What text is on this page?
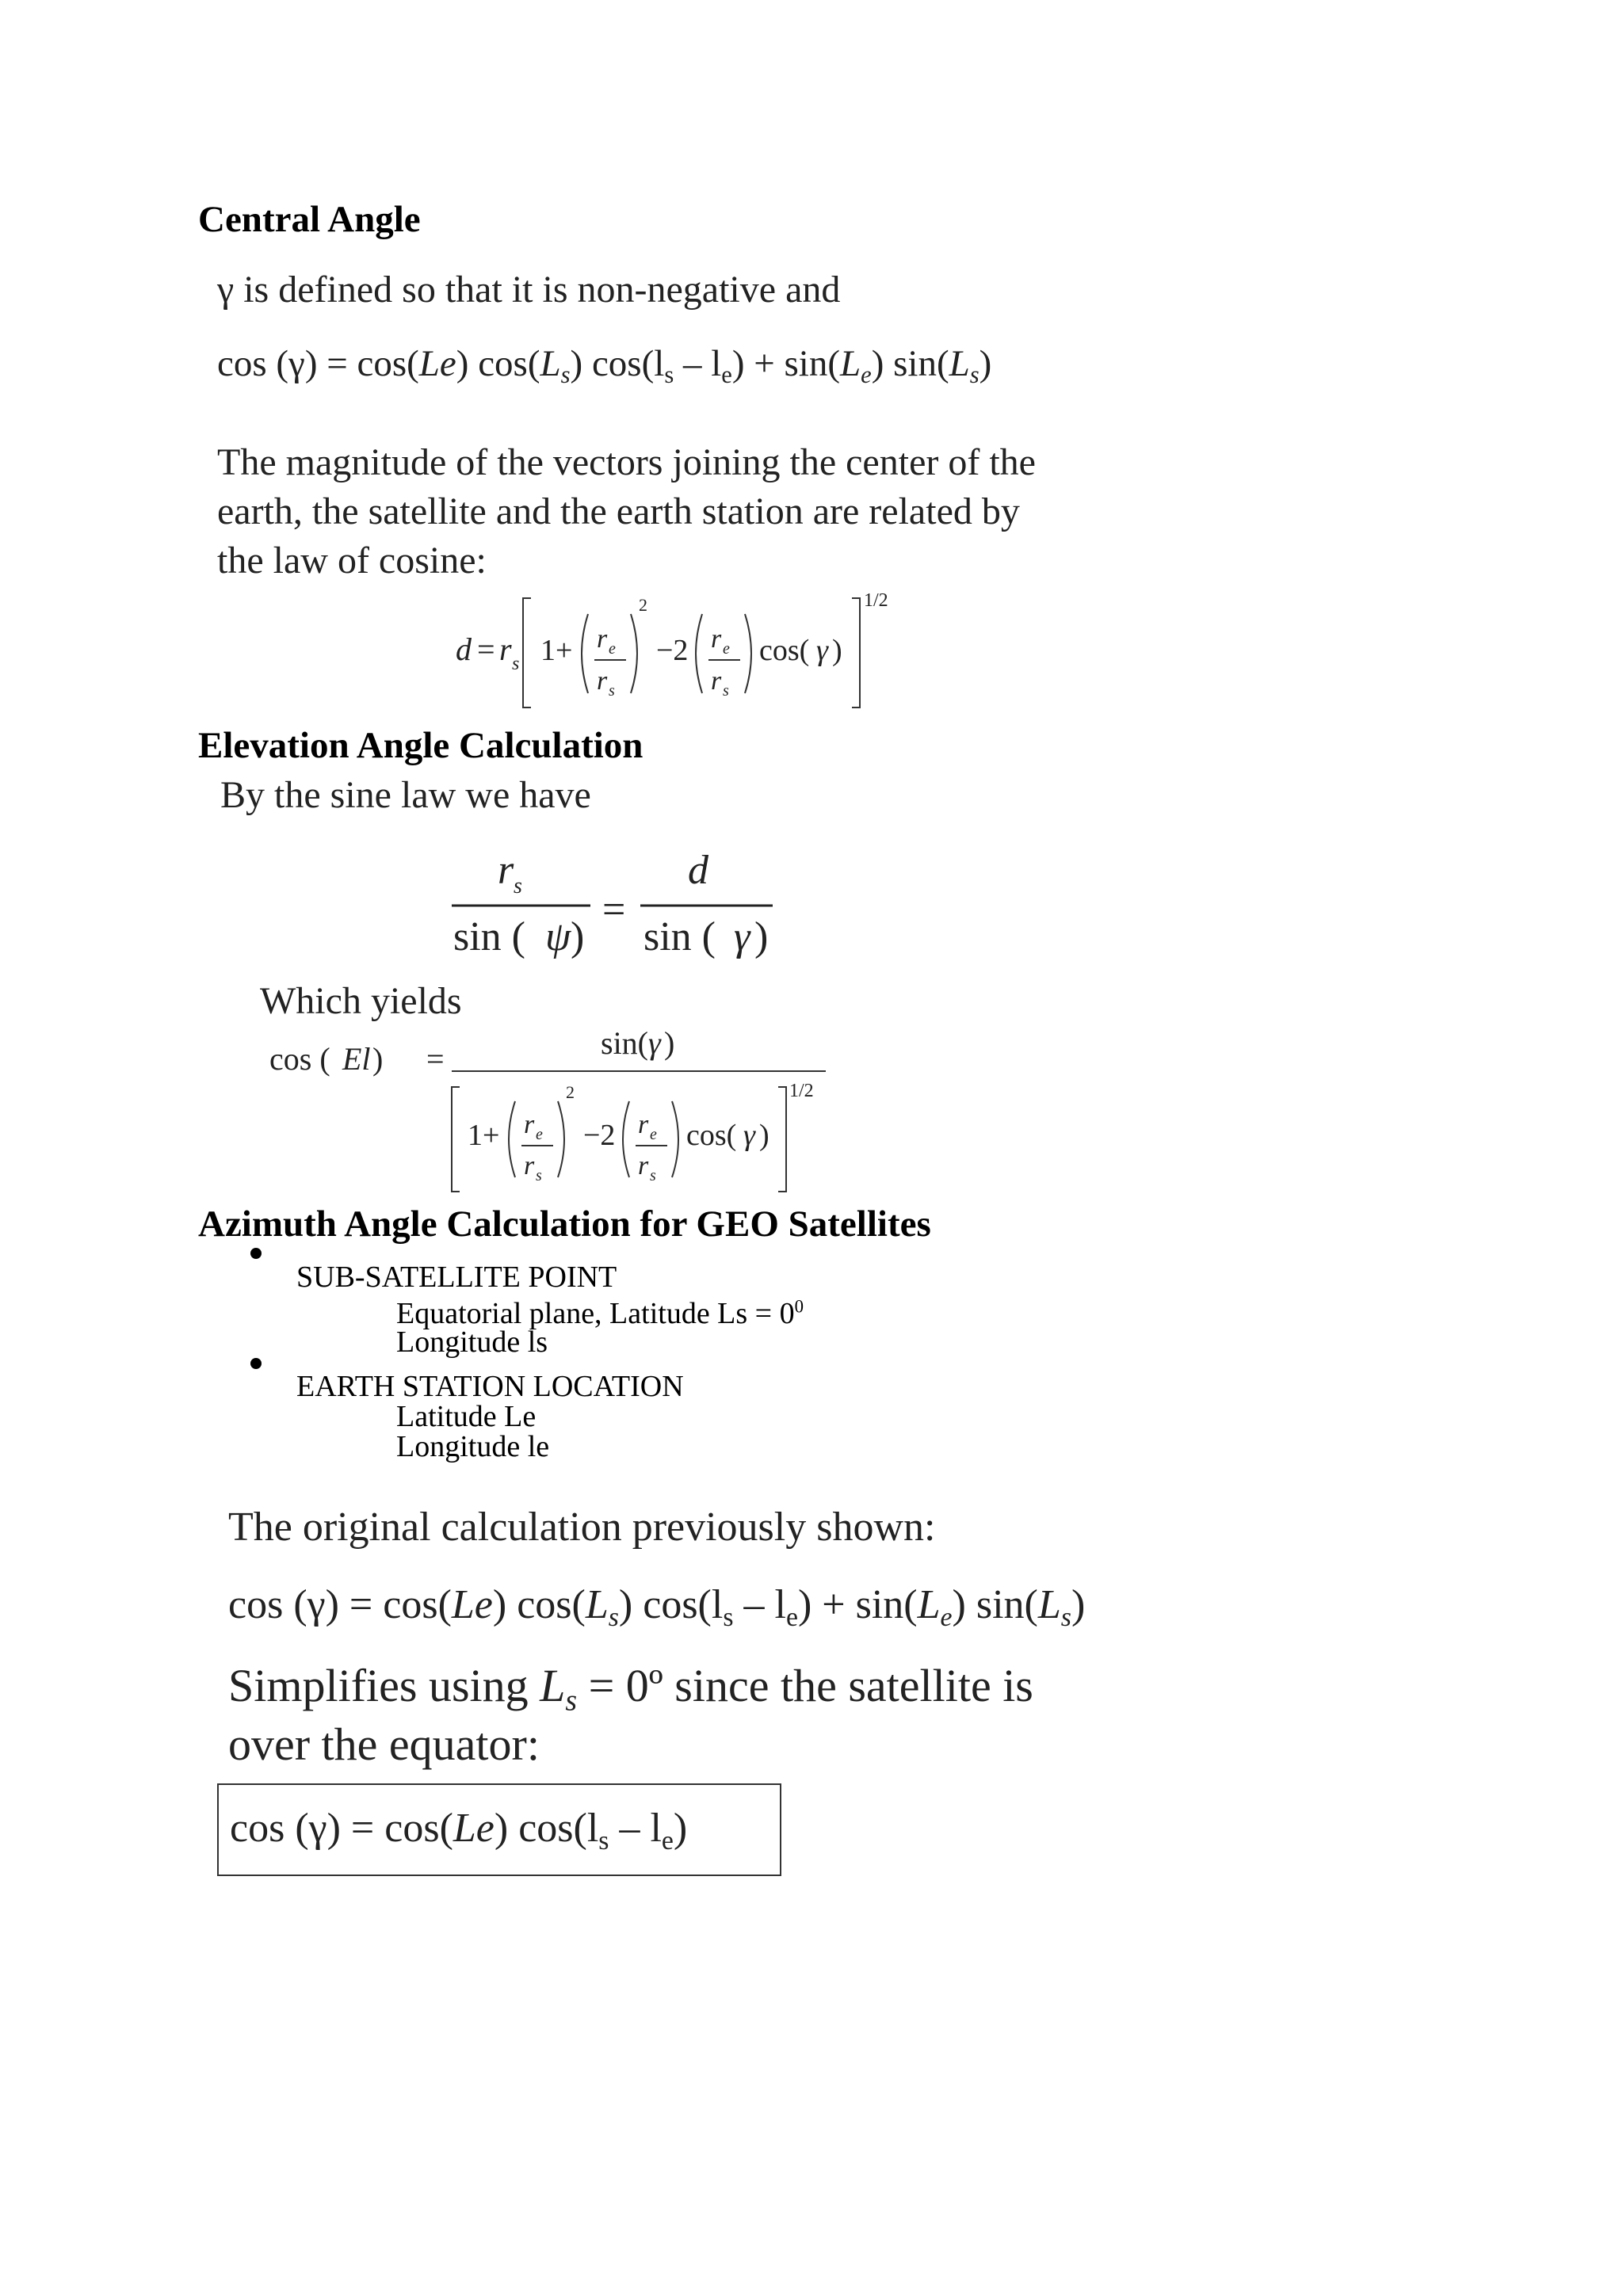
Central Angle
γ is defined so that it is non-negative and
cos (γ) = cos(Le) $\cos(L_s)$ $\cos(l_s - l_e) + \sin(L_e)$ $\sin(L_s)$
The magnitude of the vectors joining the center of the
earth, the satellite and the earth station are related by
the law of cosine:
d = r s 1+ r e
r s
2
−2 r e
r s
cos( γ )
1/2
Elevation Angle Calculation
By the sine law we have
r s
sin ( ψ )
=
d
sin ( γ )
Which yields
cos ( El ) =	sin( γ )
1+ r e
r s
2
−2 r e
r s
cos( γ )
1/2
Azimuth Angle Calculation for GEO Satellites
SUB-SATELLITE POINT
Equatorial plane, Latitude $Ls = 0^0$
Longitude ls
EARTH STATION LOCATION
Latitude Le
Longitude le
The original calculation previously shown:
cos (γ) = cos(Le) $\cos(L_s)$ $\cos(l_s - l_e) + \sin(L_e)$ $\sin(L_s)$
Simplifies using $L_s$ = 0º since the satellite is
over the equator:
cos (γ) = cos(Le) $\cos(l_s - l_e)$
